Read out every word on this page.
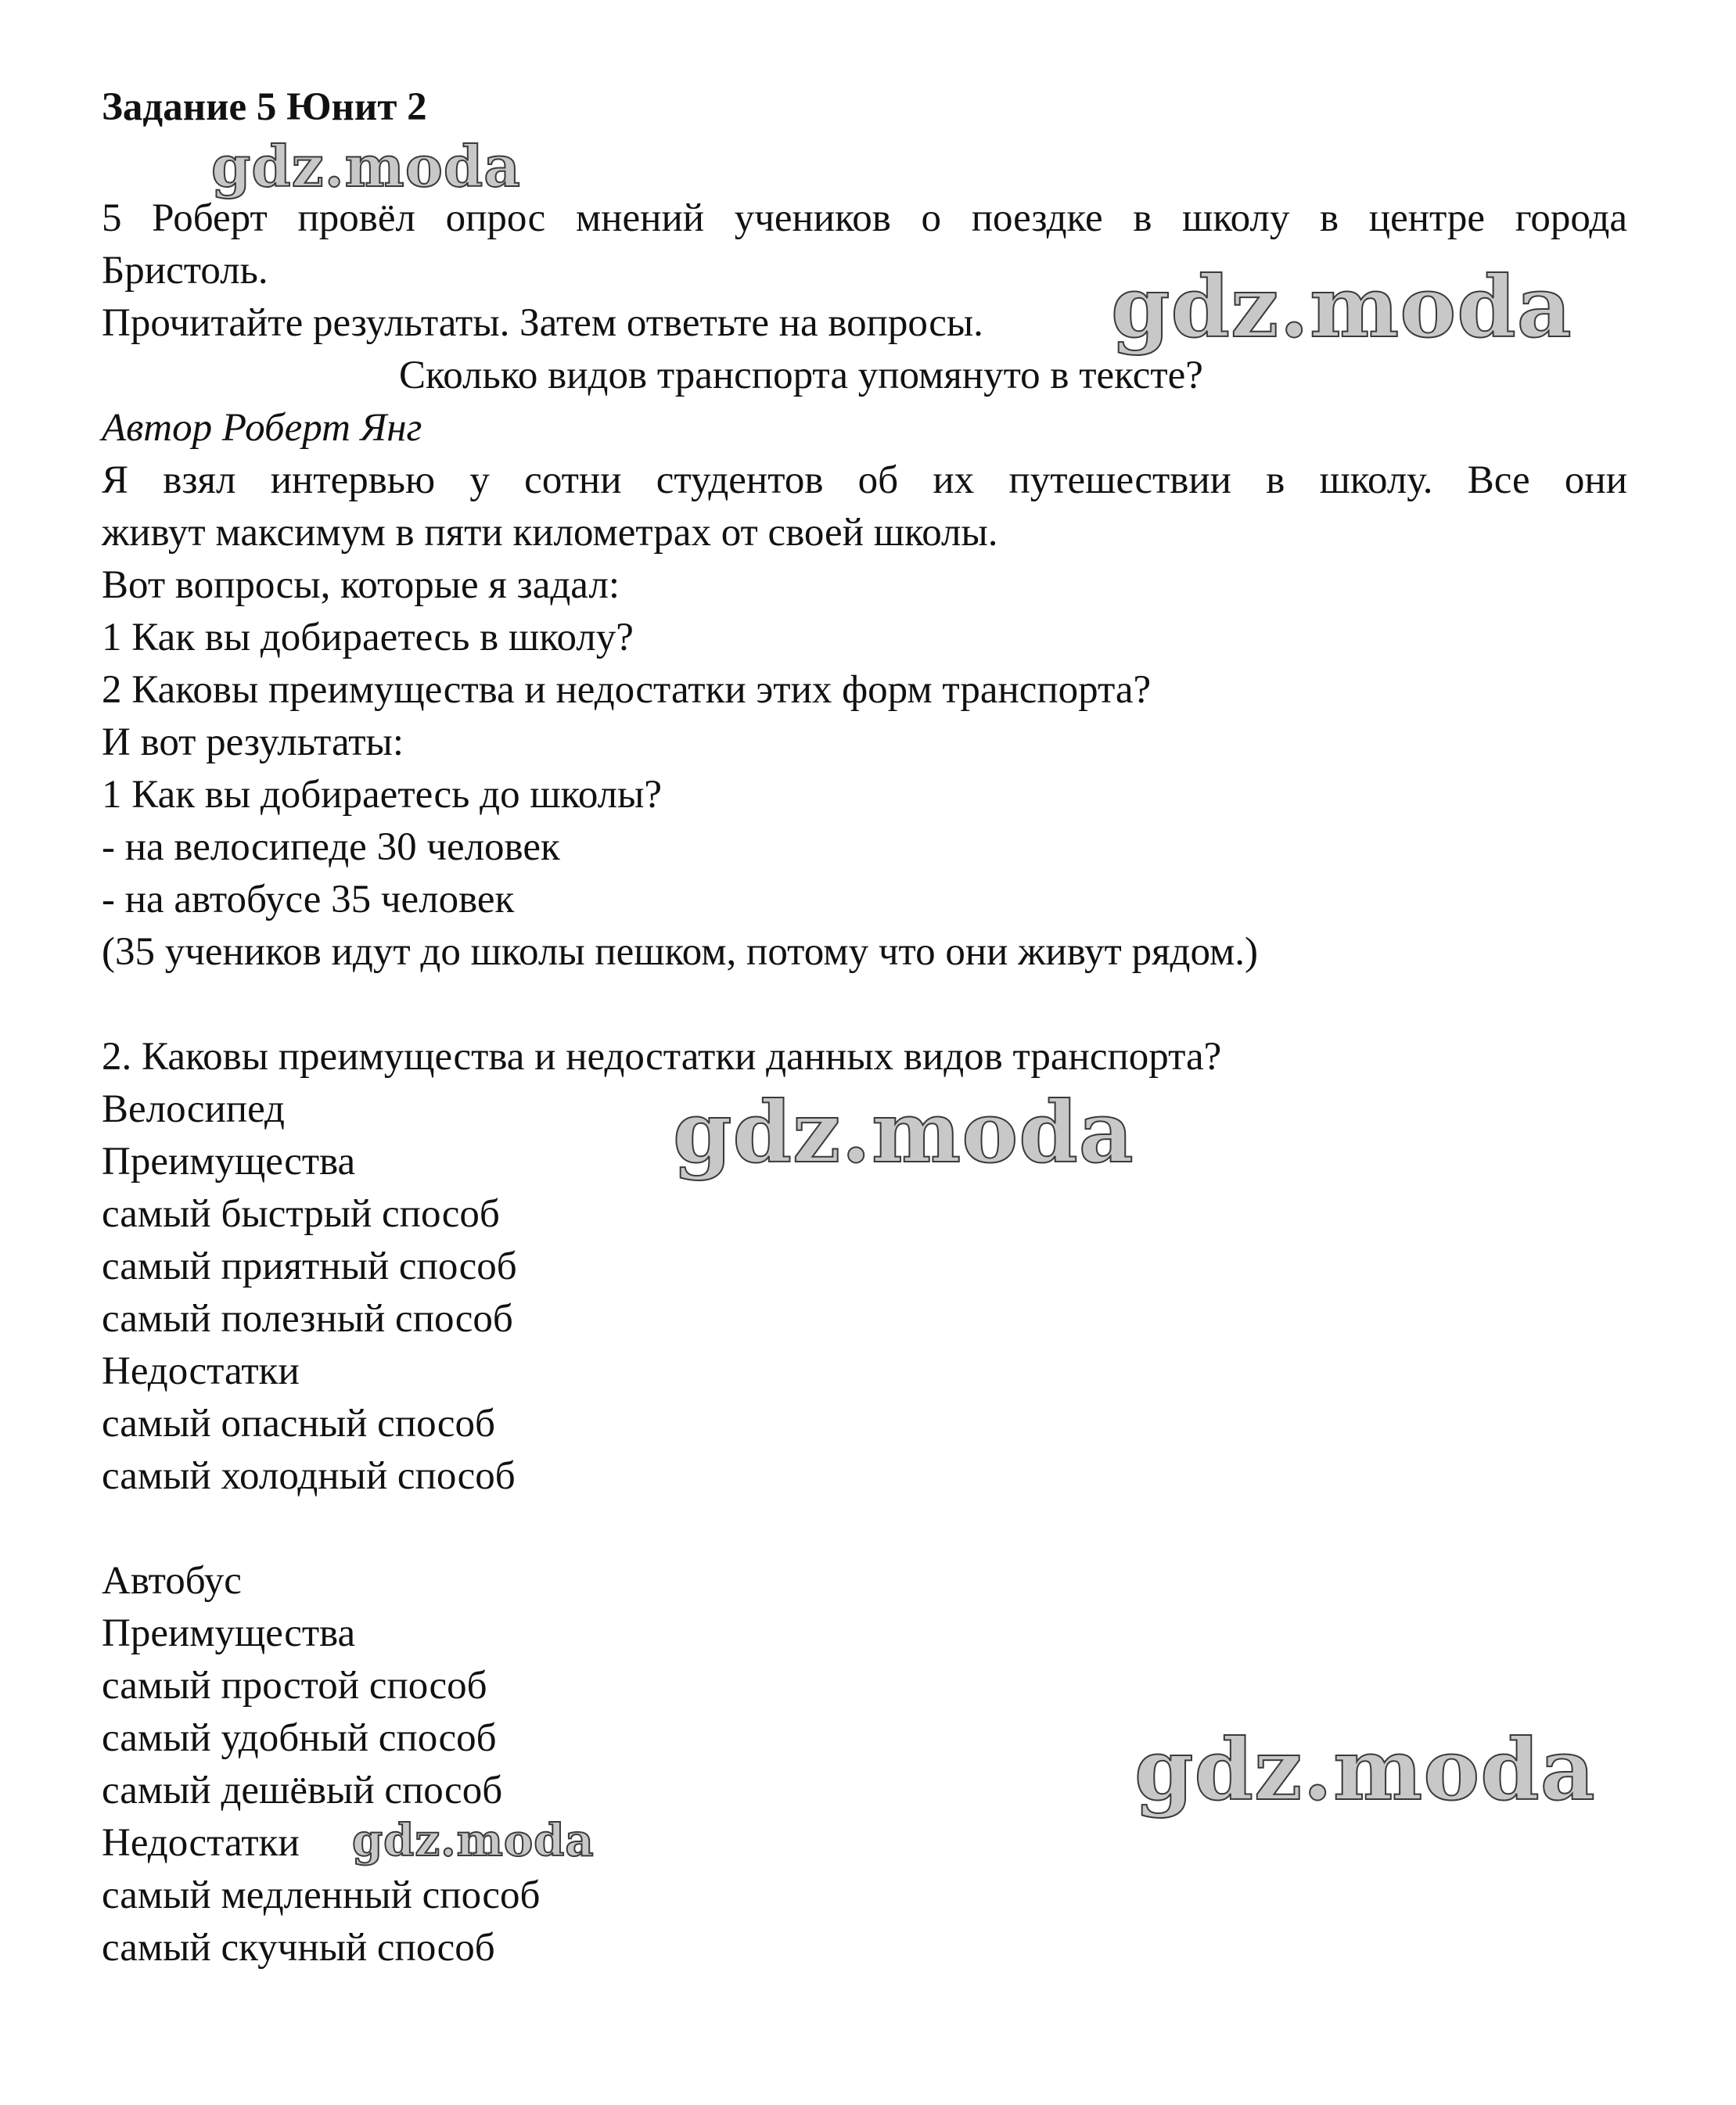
Задание 5 Юнит 2
5 Роберт провёл опрос мнений учеников о поездке в школу в центре города
Бристоль.
Прочитайте результаты. Затем ответьте на вопросы.
Сколько видов транспорта упомянуто в тексте?
Автор Роберт Янг
Я взял интервью у сотни студентов об их путешествии в школу. Все они
живут максимум в пяти километрах от своей школы.
Вот вопросы, которые я задал:
1 Как вы добираетесь в школу?
2 Каковы преимущества и недостатки этих форм транспорта?
И вот результаты:
1 Как вы добираетесь до школы?
- на велосипеде 30 человек
- на автобусе 35 человек
(35 учеников идут до школы пешком, потому что они живут рядом.)
2. Каковы преимущества и недостатки данных видов транспорта?
Велосипед
Преимущества
самый быстрый способ
самый приятный способ
самый полезный способ
Недостатки
самый опасный способ
самый холодный способ
Автобус
Преимущества
самый простой способ
самый удобный способ
самый дешёвый способ
Недостатки
самый медленный способ
самый скучный способ
gdz.moda
gdz.moda
gdz.moda
gdz.moda
gdz.moda
